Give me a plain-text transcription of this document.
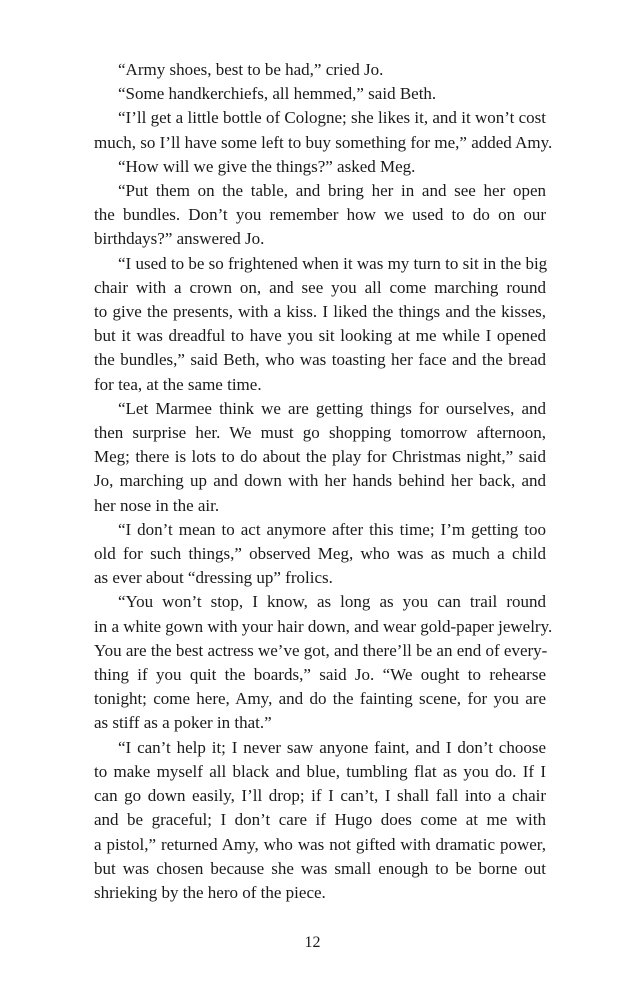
“Army shoes, best to be had,” cried Jo.
“Some handkerchiefs, all hemmed,” said Beth.
“I’ll get a little bottle of Cologne; she likes it, and it won’t cost
much, so I’ll have some left to buy something for me,” added Amy.
“How will we give the things?” asked Meg.
“Put them on the table, and bring her in and see her open
the bundles. Don’t you remember how we used to do on our
birthdays?” answered Jo.
“I used to be so frightened when it was my turn to sit in the big
chair with a crown on, and see you all come marching round
to give the presents, with a kiss. I liked the things and the kisses,
but it was dreadful to have you sit looking at me while I opened
the bundles,” said Beth, who was toasting her face and the bread
for tea, at the same time.
“Let Marmee think we are getting things for ourselves, and
then surprise her. We must go shopping tomorrow afternoon,
Meg; there is lots to do about the play for Christmas night,” said
Jo, marching up and down with her hands behind her back, and
her nose in the air.
“I don’t mean to act anymore after this time; I’m getting too
old for such things,” observed Meg, who was as much a child
as ever about “dressing up” frolics.
“You won’t stop, I know, as long as you can trail round
in a white gown with your hair down, and wear gold-paper jewelry.
You are the best actress we’ve got, and there’ll be an end of every-
thing if you quit the boards,” said Jo. “We ought to rehearse
tonight; come here, Amy, and do the fainting scene, for you are
as stiff as a poker in that.”
“I can’t help it; I never saw anyone faint, and I don’t choose
to make myself all black and blue, tumbling flat as you do. If I
can go down easily, I’ll drop; if I can’t, I shall fall into a chair
and be graceful; I don’t care if Hugo does come at me with
a pistol,” returned Amy, who was not gifted with dramatic power,
but was chosen because she was small enough to be borne out
shrieking by the hero of the piece.
12
